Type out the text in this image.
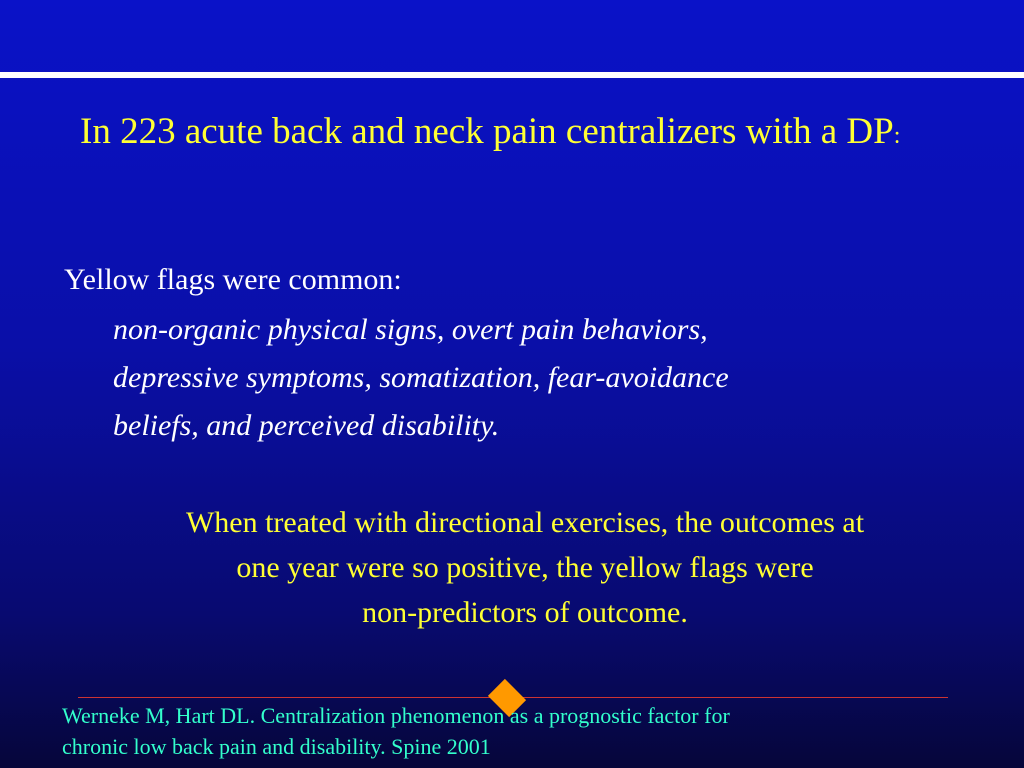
In 223 acute back and neck pain centralizers with a DP:

Yellow flags were common:

non-organic physical signs, overt pain behaviors,
depressive symptoms, somatization, fear-avoidance
beliefs, and perceived disability.
When treated with directional exercises, the outcomes at
one year were so positive, the yellow flags were
non-predictors of outcome.
Werneke M, Hart DL. Centralization phenomenon as a prognostic factor for
chronic low back pain and disability. Spine 2001
